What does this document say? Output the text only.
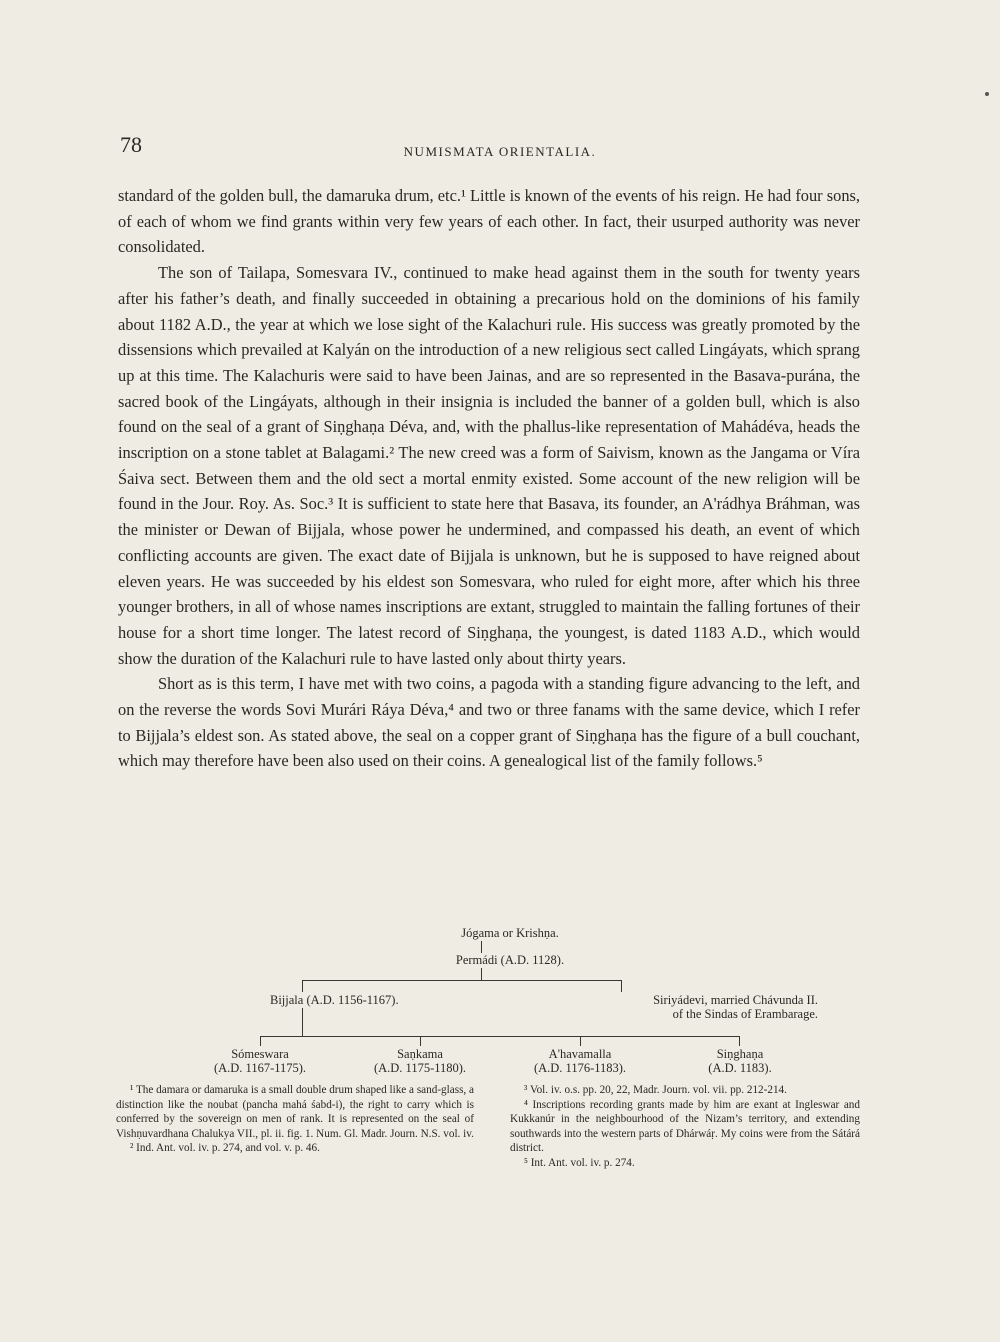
78	NUMISMATA ORIENTALIA.

standard of the golden bull, the damaruka drum, etc.¹ Little is known of the events of his reign. He had four sons, of each of whom we find grants within very few years of each other. In fact, their usurped authority was never consolidated.

The son of Tailapa, Somesvara IV., continued to make head against them in the south for twenty years after his father’s death, and finally succeeded in obtaining a precarious hold on the dominions of his family about 1182 A.D., the year at which we lose sight of the Kalachuri rule. His success was greatly promoted by the dissensions which prevailed at Kalyán on the introduction of a new religious sect called Lingáyats, which sprang up at this time. The Kalachuris were said to have been Jainas, and are so represented in the Basava-purána, the sacred book of the Lingáyats, although in their insignia is included the banner of a golden bull, which is also found on the seal of a grant of Siṇghaṇa Déva, and, with the phallus-like representation of Mahádéva, heads the inscription on a stone tablet at Balagami.² The new creed was a form of Saivism, known as the Jangama or Víra Śaiva sect. Between them and the old sect a mortal enmity existed. Some account of the new religion will be found in the Jour. Roy. As. Soc.³ It is sufficient to state here that Basava, its founder, an A'rádhya Bráhman, was the minister or Dewan of Bijjala, whose power he undermined, and compassed his death, an event of which conflicting accounts are given. The exact date of Bijjala is unknown, but he is supposed to have reigned about eleven years. He was succeeded by his eldest son Somesvara, who ruled for eight more, after which his three younger brothers, in all of whose names inscriptions are extant, struggled to maintain the falling fortunes of their house for a short time longer. The latest record of Siṇghaṇa, the youngest, is dated 1183 A.D., which would show the duration of the Kalachuri rule to have lasted only about thirty years.

Short as is this term, I have met with two coins, a pagoda with a standing figure advancing to the left, and on the reverse the words Sovi Murári Ráya Déva,⁴ and two or three fanams with the same device, which I refer to Bijjala’s eldest son. As stated above, the seal on a copper grant of Siṇghaṇa has the figure of a bull couchant, which may therefore have been also used on their coins. A genealogical list of the family follows.⁵

Jógama or Krishṇa.
Permádi (A.D. 1128).
Bijjala (A.D. 1156-1167).	Siriyádevi, married Chávunda II.
of the Sindas of Erambarage.
Sómeswara
(A.D. 1167-1175).
Saṇkama
(A.D. 1175-1180).
A'havamalla
(A.D. 1176-1183).
Siṇghaṇa
(A.D. 1183).

¹ The damara or damaruka is a small double drum shaped like a sand-glass, a distinction like the noubat (pancha mahá śabd-i), the right to carry which is conferred by the sovereign on men of rank. It is represented on the seal of Vishṇuvardhana Chalukya VII., pl. ii. fig. 1. Num. Gl. Madr. Journ. N.S. vol. iv.

² Ind. Ant. vol. iv. p. 274, and vol. v. p. 46.

³ Vol. iv. o.s. pp. 20, 22, Madr. Journ. vol. vii. pp. 212-214.

⁴ Inscriptions recording grants made by him are exant at Ingleswar and Kukkanúr in the neighbourhood of the Nizam’s territory, and extending southwards into the western parts of Dhárwáṛ. My coins were from the Sátárá district.

⁵ Int. Ant. vol. iv. p. 274.
